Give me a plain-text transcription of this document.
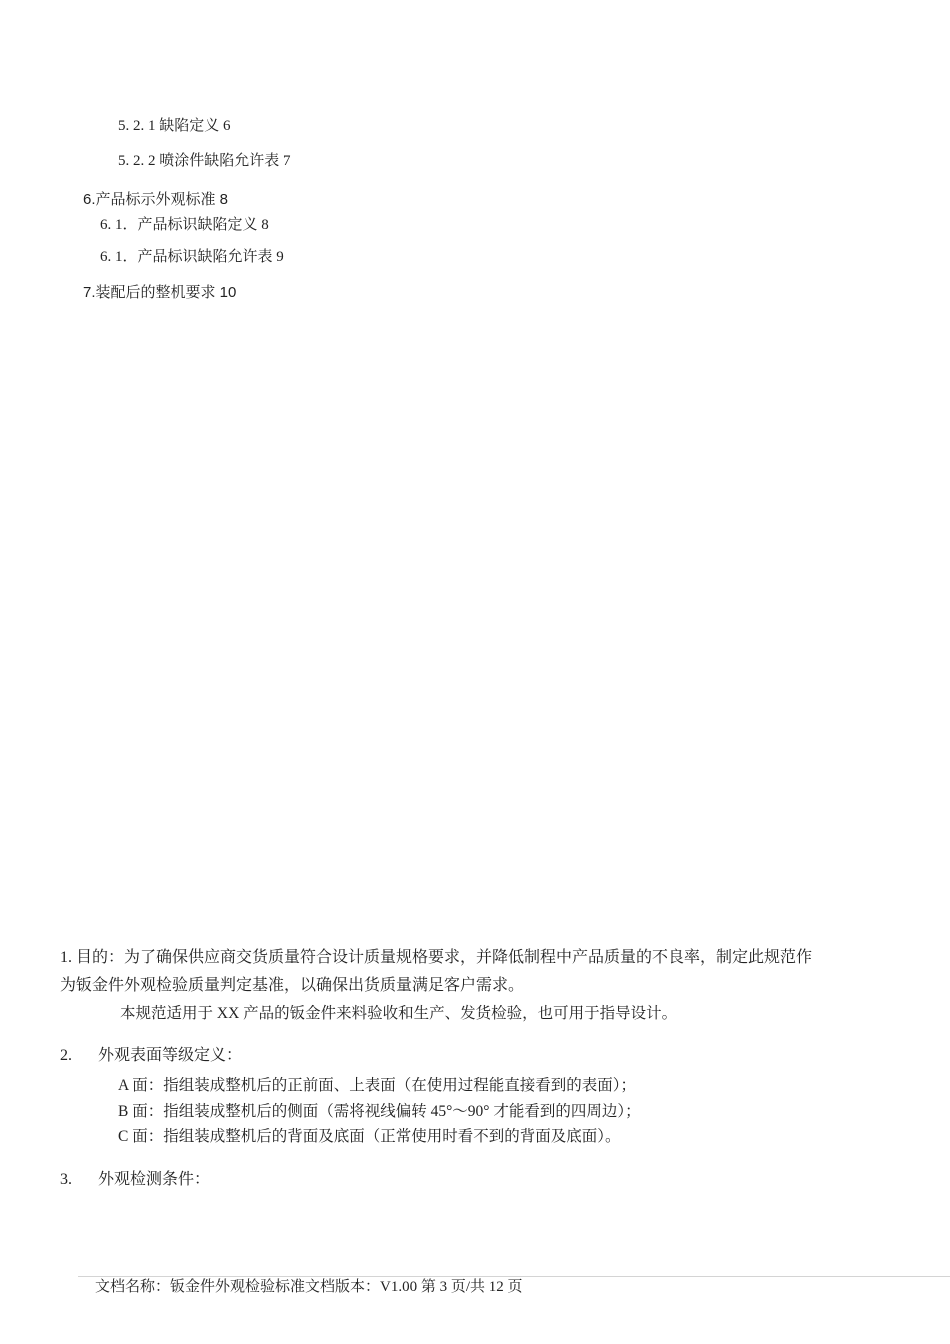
5. 2. 1 缺陷定义 6
5. 2. 2 喷涂件缺陷允许表 7
6.产品标示外观标准 8
6. 1．产品标识缺陷定义 8
6. 1．产品标识缺陷允许表 9
7.装配后的整机要求 10
1. 目的：为了确保供应商交货质量符合设计质量规格要求，并降低制程中产品质量的不良率，制定此规范作
为钣金件外观检验质量判定基准，以确保出货质量满足客户需求。
本规范适用于 XX 产品的钣金件来料验收和生产、发货检验，也可用于指导设计。
2. 外观表面等级定义：
A 面：指组装成整机后的正前面、上表面（在使用过程能直接看到的表面）；
B 面：指组装成整机后的侧面（需将视线偏转 45°～90° 才能看到的四周边）；
C 面：指组装成整机后的背面及底面（正常使用时看不到的背面及底面）。
3. 外观检测条件：
文档名称：钣金件外观检验标准文档版本：V1.00 第 3 页/共 12 页
